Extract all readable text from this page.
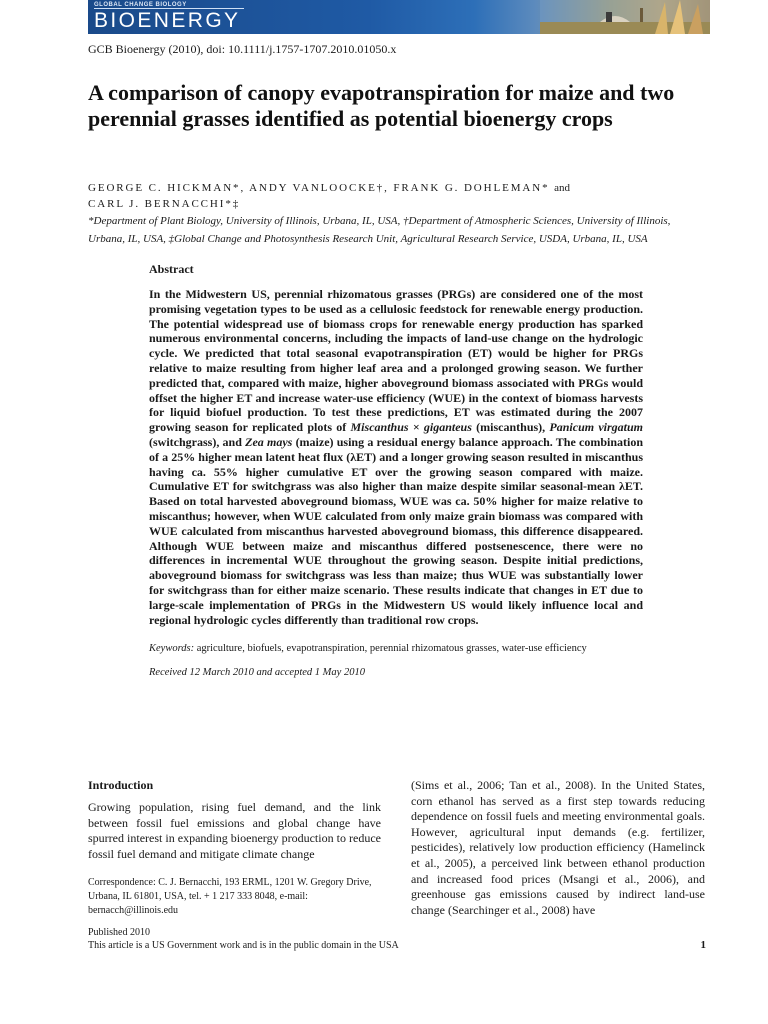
GLOBAL CHANGE BIOLOGY
BIOENERGY
GCB Bioenergy (2010), doi: 10.1111/j.1757-1707.2010.01050.x
A comparison of canopy evapotranspiration for maize and two perennial grasses identified as potential bioenergy crops
GEORGE C. HICKMAN*, ANDY VANLOOCKE†, FRANK G. DOHLEMAN* and
CARL J. BERNACCHI*‡
*Department of Plant Biology, University of Illinois, Urbana, IL, USA, †Department of Atmospheric Sciences, University of Illinois, Urbana, IL, USA, ‡Global Change and Photosynthesis Research Unit, Agricultural Research Service, USDA, Urbana, IL, USA
Abstract

In the Midwestern US, perennial rhizomatous grasses (PRGs) are considered one of the most promising vegetation types to be used as a cellulosic feedstock for renewable energy production. The potential widespread use of biomass crops for renewable energy production has sparked numerous environmental concerns, including the impacts of land-use change on the hydrologic cycle. We predicted that total seasonal evapotranspiration (ET) would be higher for PRGs relative to maize resulting from higher leaf area and a prolonged growing season. We further predicted that, compared with maize, higher aboveground biomass associated with PRGs would offset the higher ET and increase water-use efficiency (WUE) in the context of biomass harvests for liquid biofuel production. To test these predictions, ET was estimated during the 2007 growing season for replicated plots of Miscanthus × giganteus (miscanthus), Panicum virgatum (switchgrass), and Zea mays (maize) using a residual energy balance approach. The combination of a 25% higher mean latent heat flux (λET) and a longer growing season resulted in miscanthus having ca. 55% higher cumulative ET over the growing season compared with maize. Cumulative ET for switchgrass was also higher than maize despite similar seasonal-mean λET. Based on total harvested aboveground biomass, WUE was ca. 50% higher for maize relative to miscanthus; however, when WUE calculated from only maize grain biomass was compared with WUE calculated from miscanthus harvested aboveground biomass, this difference disappeared. Although WUE between maize and miscanthus differed postsenescence, there were no differences in incremental WUE throughout the growing season. Despite initial predictions, aboveground biomass for switchgrass was less than maize; thus WUE was substantially lower for switchgrass than for either maize scenario. These results indicate that changes in ET due to large-scale implementation of PRGs in the Midwestern US would likely influence local and regional hydrologic cycles differently than traditional row crops.

Keywords: agriculture, biofuels, evapotranspiration, perennial rhizomatous grasses, water-use efficiency
Received 12 March 2010 and accepted 1 May 2010
Introduction

Growing population, rising fuel demand, and the link between fossil fuel emissions and global change have spurred interest in expanding bioenergy production to reduce fossil fuel demand and mitigate climate change

Correspondence: C. J. Bernacchi, 193 ERML, 1201 W. Gregory Drive, Urbana, IL 61801, USA, tel. + 1 217 333 8048, e-mail: bernacch@illinois.edu

(Sims et al., 2006; Tan et al., 2008). In the United States, corn ethanol has served as a first step towards reducing dependence on fossil fuels and meeting environmental goals. However, agricultural input demands (e.g. fertilizer, pesticides), relatively low production efficiency (Hamelinck et al., 2005), a perceived link between ethanol production and increased food prices (Msangi et al., 2006), and greenhouse gas emissions caused by indirect land-use change (Searchinger et al., 2008) have

Published 2010
This article is a US Government work and is in the public domain in the USA	1
